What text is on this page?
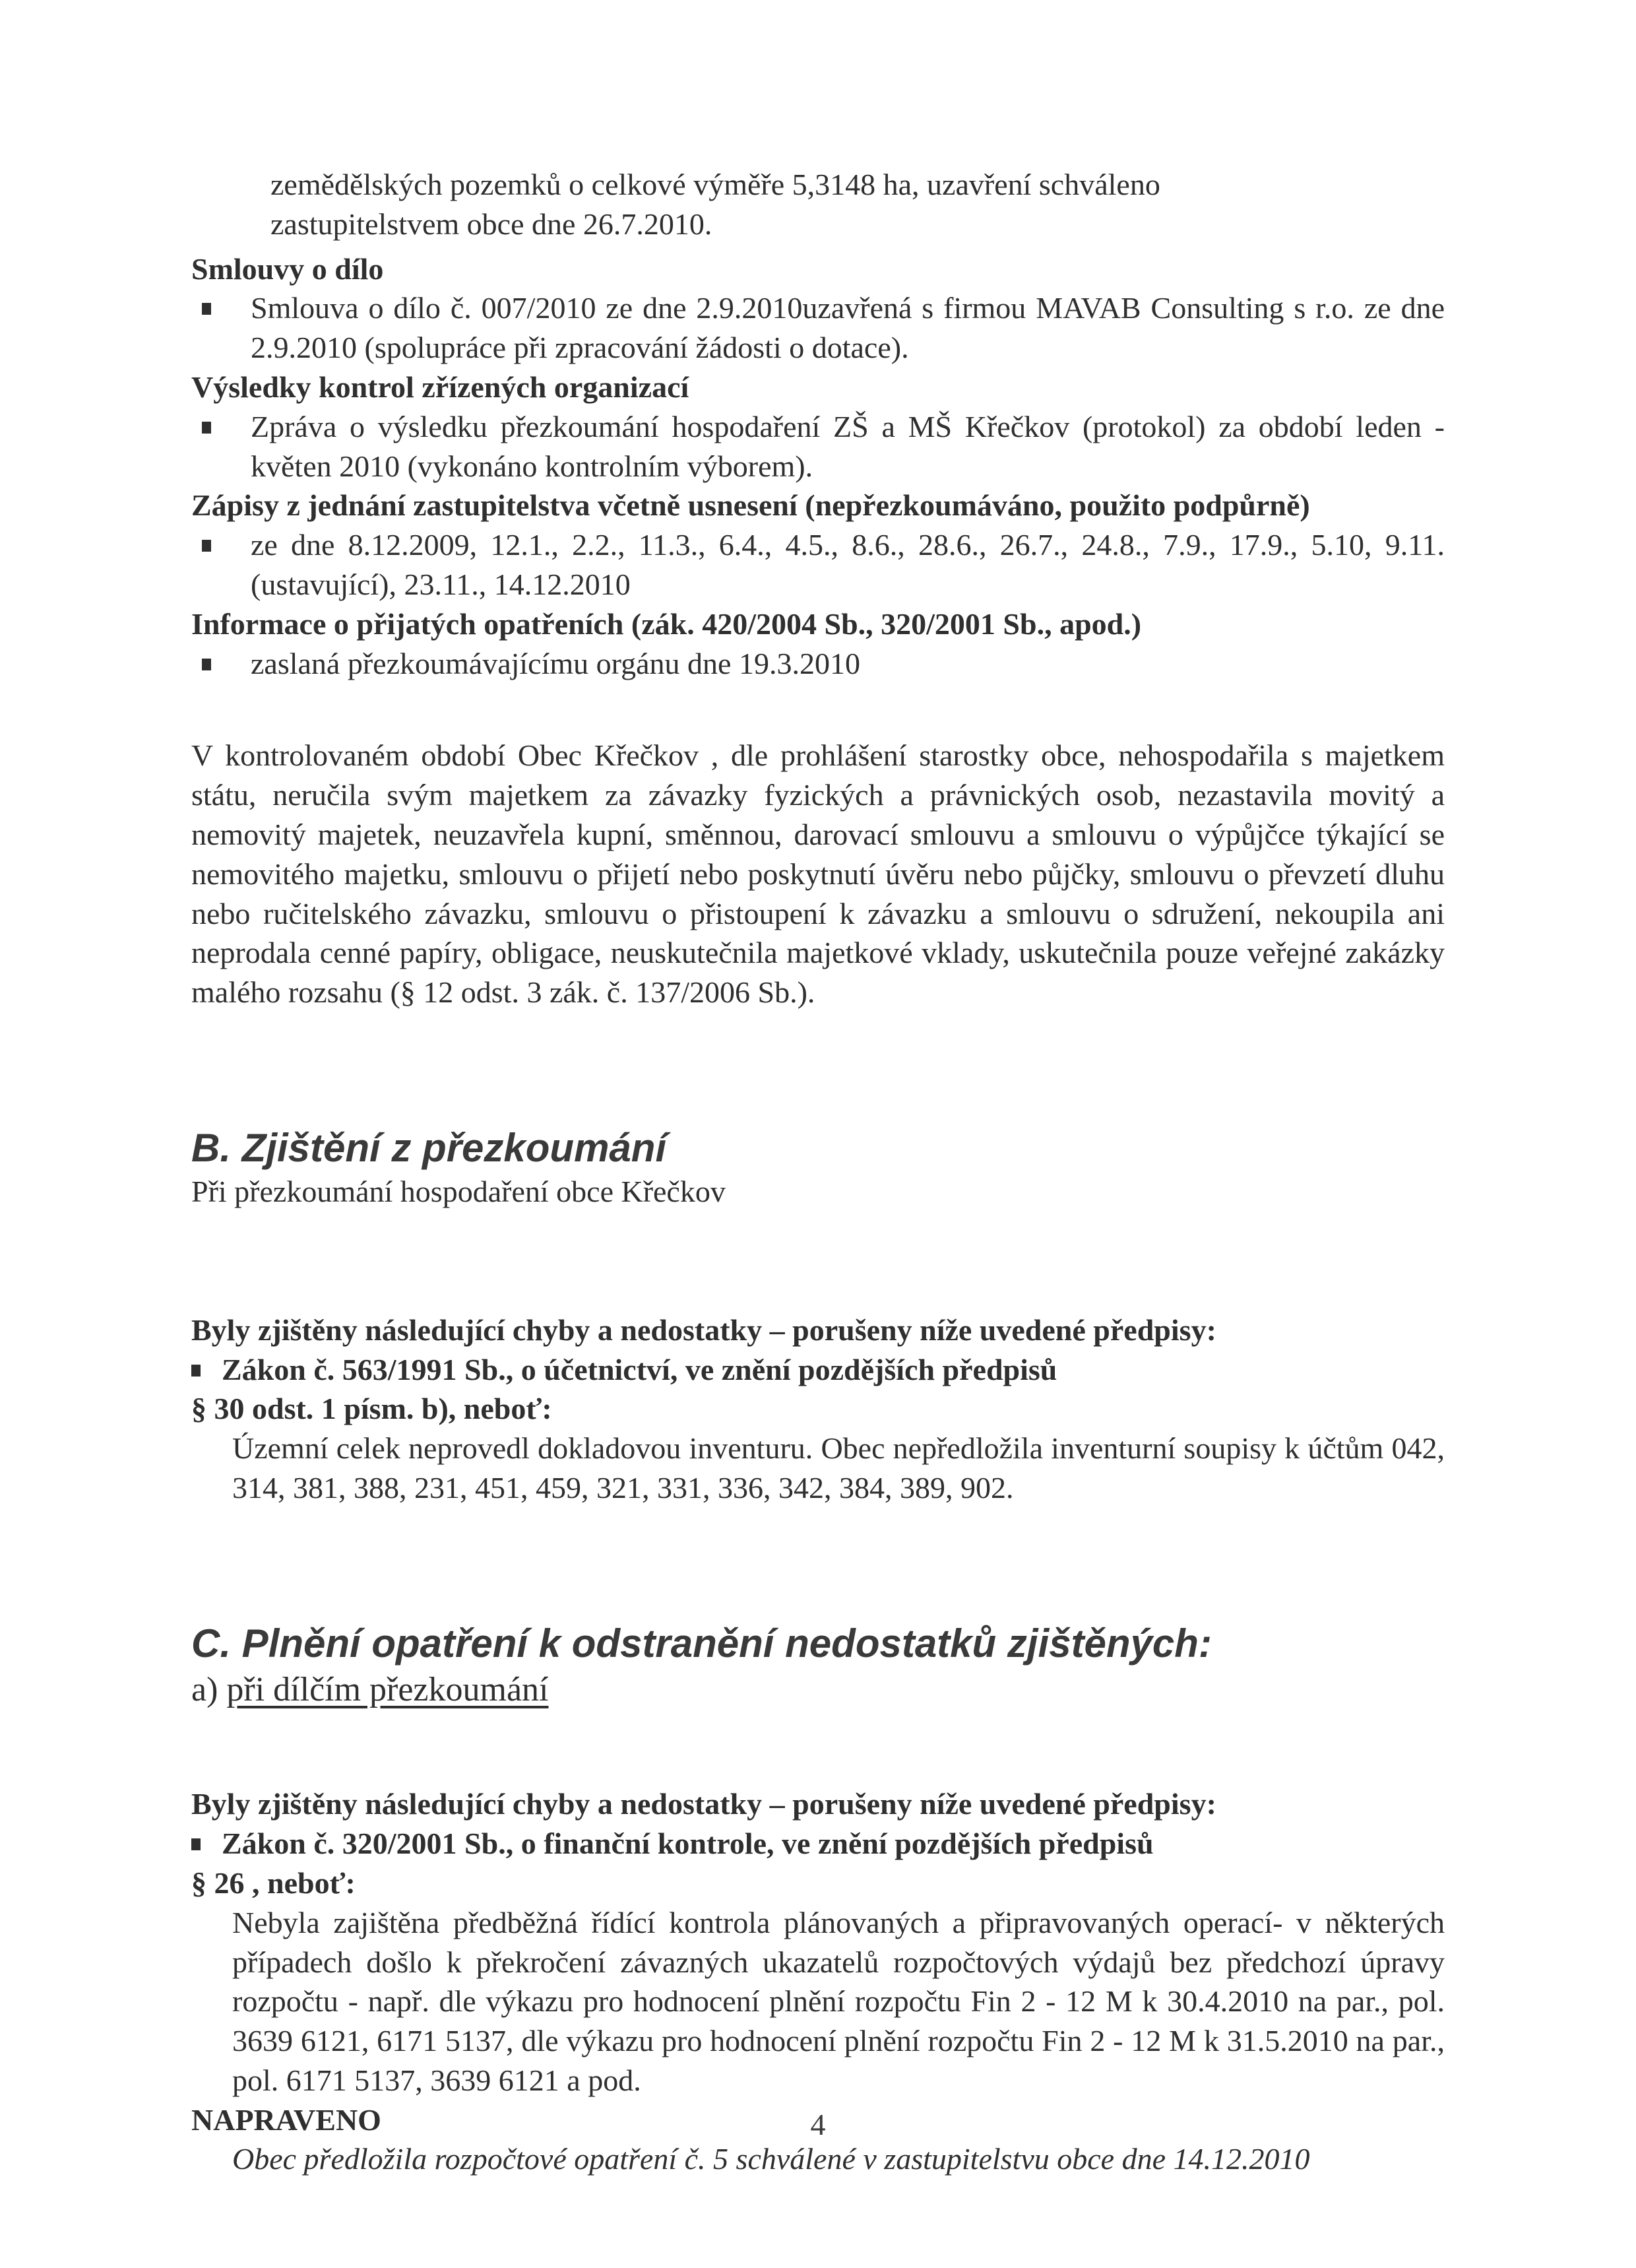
zemědělských pozemků o celkové výměře 5,3148 ha, uzavření schváleno
zastupitelstvem obce dne 26.7.2010.

Smlouvy o dílo

Smlouva o dílo č. 007/2010 ze dne 2.9.2010uzavřená s firmou MAVAB Consulting s r.o. ze dne 2.9.2010 (spolupráce při zpracování žádosti o dotace).

Výsledky kontrol zřízených organizací

Zpráva o výsledku přezkoumání hospodaření ZŠ a MŠ Křečkov (protokol) za období leden - květen 2010 (vykonáno kontrolním výborem).

Zápisy z jednání zastupitelstva včetně usnesení (nepřezkoumáváno, použito podpůrně)

ze dne 8.12.2009, 12.1., 2.2., 11.3., 6.4., 4.5., 8.6., 28.6., 26.7., 24.8., 7.9., 17.9., 5.10, 9.11. (ustavující), 23.11., 14.12.2010

Informace o přijatých opatřeních (zák. 420/2004 Sb., 320/2001 Sb., apod.)

zaslaná přezkoumávajícímu orgánu dne 19.3.2010

V kontrolovaném období Obec Křečkov , dle prohlášení starostky obce, nehospodařila s majetkem státu, neručila svým majetkem za závazky fyzických a právnických osob, nezastavila movitý a nemovitý majetek, neuzavřela kupní, směnnou, darovací smlouvu a smlouvu o výpůjčce týkající se nemovitého majetku, smlouvu o přijetí nebo poskytnutí úvěru nebo půjčky, smlouvu o převzetí dluhu nebo ručitelského závazku, smlouvu o přistoupení k závazku a smlouvu o sdružení, nekoupila ani neprodala cenné papíry, obligace, neuskutečnila majetkové vklady, uskutečnila pouze veřejné zakázky malého rozsahu (§ 12 odst. 3 zák. č. 137/2006 Sb.).

B. Zjištění z přezkoumání

Při přezkoumání hospodaření obce Křečkov

Byly zjištěny následující chyby a nedostatky – porušeny níže uvedené předpisy:

Zákon č. 563/1991 Sb., o účetnictví, ve znění pozdějších předpisů

§ 30 odst. 1 písm. b), neboť:

Územní celek neprovedl dokladovou inventuru. Obec nepředložila inventurní soupisy k účtům 042, 314, 381, 388, 231, 451, 459, 321, 331, 336, 342, 384, 389, 902.

C. Plnění opatření k odstranění nedostatků zjištěných:

a) při dílčím přezkoumání

Byly zjištěny následující chyby a nedostatky – porušeny níže uvedené předpisy:

Zákon č. 320/2001 Sb., o finanční kontrole, ve znění pozdějších předpisů

§ 26 , neboť:

Nebyla zajištěna předběžná řídící kontrola plánovaných a připravovaných operací- v některých případech došlo k překročení závazných ukazatelů rozpočtových výdajů bez předchozí úpravy rozpočtu - např. dle výkazu pro hodnocení plnění rozpočtu Fin 2 - 12 M k 30.4.2010 na par., pol. 3639 6121, 6171 5137, dle výkazu pro hodnocení plnění rozpočtu Fin 2 - 12 M k 31.5.2010 na par., pol. 6171 5137, 3639 6121 a pod.

NAPRAVENO

Obec předložila rozpočtové opatření č. 5 schválené v zastupitelstvu obce dne 14.12.2010

4
